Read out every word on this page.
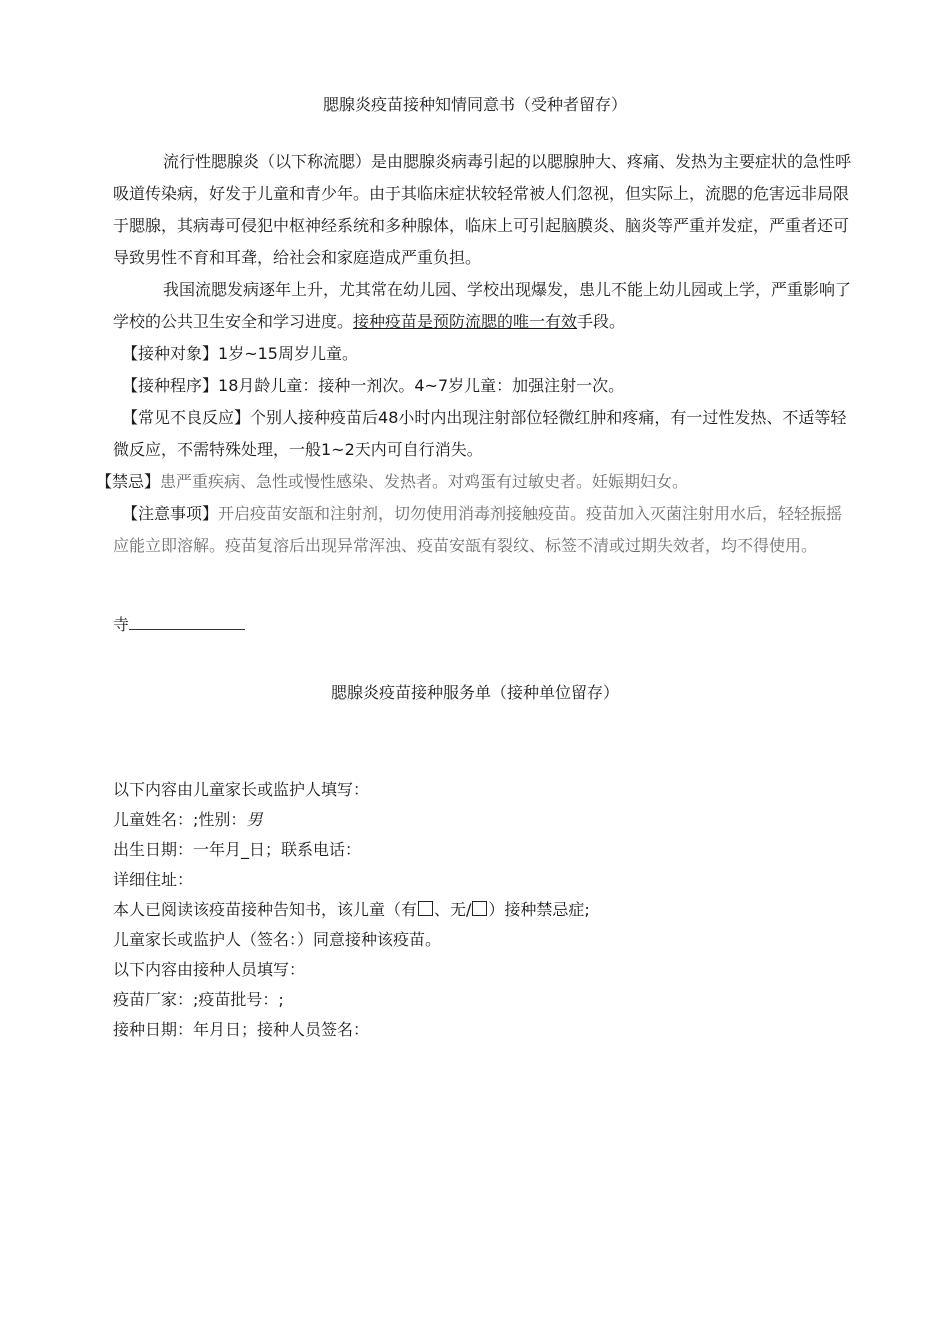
腮腺炎疫苗接种知情同意书（受种者留存）
流行性腮腺炎（以下称流腮）是由腮腺炎病毒引起的以腮腺肿大、疼痛、发热为主要症状的急性呼吸道传染病，好发于儿童和青少年。由于其临床症状较轻常被人们忽视，但实际上，流腮的危害远非局限于腮腺，其病毒可侵犯中枢神经系统和多种腺体，临床上可引起脑膜炎、脑炎等严重并发症，严重者还可导致男性不育和耳聋，给社会和家庭造成严重负担。
我国流腮发病逐年上升，尤其常在幼儿园、学校出现爆发，患儿不能上幼儿园或上学，严重影响了学校的公共卫生安全和学习进度。接种疫苗是预防流腮的唯一有效手段。
【接种对象】1岁~15周岁儿童。
【接种程序】18月龄儿童：接种一剂次。4~7岁儿童：加强注射一次。
【常见不良反应】个别人接种疫苗后48小时内出现注射部位轻微红肿和疼痛，有一过性发热、不适等轻微反应，不需特殊处理，一般1~2天内可自行消失。
【禁忌】患严重疾病、急性或慢性感染、发热者。对鸡蛋有过敏史者。妊娠期妇女。
【注意事项】开启疫苗安瓿和注射剂，切勿使用消毒剂接触疫苗。疫苗加入灭菌注射用水后，轻轻振摇应能立即溶解。疫苗复溶后出现异常浑浊、疫苗安瓿有裂纹、标签不清或过期失效者，均不得使用。
寺
腮腺炎疫苗接种服务单（接种单位留存）
以下内容由儿童家长或监护人填写：
儿童姓名：;性别：男
出生日期：一年月_日；联系电话：
详细住址：
本人已阅读该疫苗接种告知书，该儿童（有 、无/ ）接种禁忌症;
儿童家长或监护人（签名：）同意接种该疫苗。
以下内容由接种人员填写：
疫苗厂家：;疫苗批号：;
接种日期：年月日；接种人员签名：
